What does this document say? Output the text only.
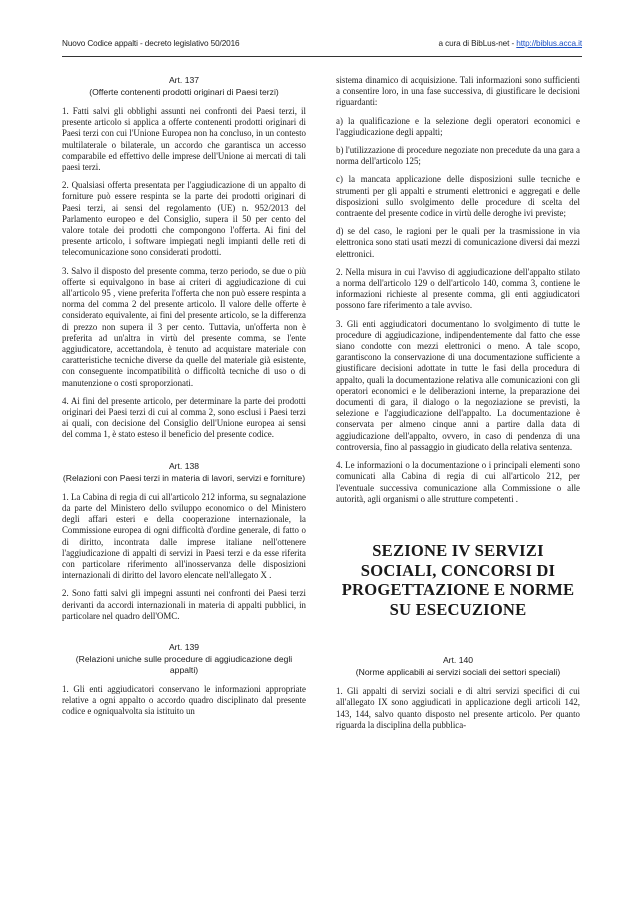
Nuovo Codice appalti - decreto legislativo 50/2016	a cura di BibLus-net - http://biblus.acca.it

Art. 137

(Offerte contenenti prodotti originari di Paesi terzi)

1. Fatti salvi gli obblighi assunti nei confronti dei Paesi terzi, il presente articolo si applica a offerte contenenti prodotti originari di Paesi terzi con cui l'Unione Europea non ha concluso, in un contesto multilaterale o bilaterale, un accordo che garantisca un accesso comparabile ed effettivo delle imprese dell'Unione ai mercati di tali paesi terzi.

2. Qualsiasi offerta presentata per l'aggiudicazione di un appalto di forniture può essere respinta se la parte dei prodotti originari di Paesi terzi, ai sensi del regolamento (UE) n. 952/2013 del Parlamento europeo e del Consiglio, supera il 50 per cento del valore totale dei prodotti che compongono l'offerta. Ai fini del presente articolo, i software impiegati negli impianti delle reti di telecomunicazione sono considerati prodotti.

3. Salvo il disposto del presente comma, terzo periodo, se due o più offerte si equivalgono in base ai criteri di aggiudicazione di cui all'articolo 95 , viene preferita l'offerta che non può essere respinta a norma del comma 2 del presente articolo. Il valore delle offerte è considerato equivalente, ai fini del presente articolo, se la differenza di prezzo non supera il 3 per cento. Tuttavia, un'offerta non è preferita ad un'altra in virtù del presente comma, se l'ente aggiudicatore, accettandola, è tenuto ad acquistare materiale con caratteristiche tecniche diverse da quelle del materiale già esistente, con conseguente incompatibilità o difficoltà tecniche di uso o di manutenzione o costi sproporzionati.

4. Ai fini del presente articolo, per determinare la parte dei prodotti originari dei Paesi terzi di cui al comma 2, sono esclusi i Paesi terzi ai quali, con decisione del Consiglio dell'Unione europea ai sensi del comma 1, è stato esteso il beneficio del presente codice.

Art. 138

(Relazioni con Paesi terzi in materia di lavori, servizi e forniture)

1. La Cabina di regia di cui all'articolo 212 informa, su segnalazione da parte del Ministero dello sviluppo economico o del Ministero degli affari esteri e della cooperazione internazionale, la Commissione europea di ogni difficoltà d'ordine generale, di fatto o di diritto, incontrata dalle imprese italiane nell'ottenere l'aggiudicazione di appalti di servizi in Paesi terzi e da esse riferita con particolare riferimento all'inosservanza delle disposizioni internazionali di diritto del lavoro elencate nell'allegato X .

2. Sono fatti salvi gli impegni assunti nei confronti dei Paesi terzi derivanti da accordi internazionali in materia di appalti pubblici, in particolare nel quadro dell'OMC.

Art. 139

(Relazioni uniche sulle procedure di aggiudicazione degli appalti)

1. Gli enti aggiudicatori conservano le informazioni appropriate relative a ogni appalto o accordo quadro disciplinato dal presente codice e ogniqualvolta sia istituito un

sistema dinamico di acquisizione. Tali informazioni sono sufficienti a consentire loro, in una fase successiva, di giustificare le decisioni riguardanti:

a) la qualificazione e la selezione degli operatori economici e l'aggiudicazione degli appalti;

b) l'utilizzazione di procedure negoziate non precedute da una gara a norma dell'articolo 125;

c) la mancata applicazione delle disposizioni sulle tecniche e strumenti per gli appalti e strumenti elettronici e aggregati e delle disposizioni sullo svolgimento delle procedure di scelta del contraente del presente codice in virtù delle deroghe ivi previste;

d) se del caso, le ragioni per le quali per la trasmissione in via elettronica sono stati usati mezzi di comunicazione diversi dai mezzi elettronici.

2. Nella misura in cui l'avviso di aggiudicazione dell'appalto stilato a norma dell'articolo 129 o dell'articolo 140, comma 3, contiene le informazioni richieste al presente comma, gli enti aggiudicatori possono fare riferimento a tale avviso.

3. Gli enti aggiudicatori documentano lo svolgimento di tutte le procedure di aggiudicazione, indipendentemente dal fatto che esse siano condotte con mezzi elettronici o meno. A tale scopo, garantiscono la conservazione di una documentazione sufficiente a giustificare decisioni adottate in tutte le fasi della procedura di appalto, quali la documentazione relativa alle comunicazioni con gli operatori economici e le deliberazioni interne, la preparazione dei documenti di gara, il dialogo o la negoziazione se previsti, la selezione e l'aggiudicazione dell'appalto. La documentazione è conservata per almeno cinque anni a partire dalla data di aggiudicazione dell'appalto, ovvero, in caso di pendenza di una controversia, fino al passaggio in giudicato della relativa sentenza.

4. Le informazioni o la documentazione o i principali elementi sono comunicati alla Cabina di regia di cui all'articolo 212, per l'eventuale successiva comunicazione alla Commissione o alle autorità, agli organismi o alle strutture competenti .

SEZIONE IV SERVIZI SOCIALI, CONCORSI DI PROGETTAZIONE E NORME SU ESECUZIONE

Art. 140

(Norme applicabili ai servizi sociali dei settori speciali)

1. Gli appalti di servizi sociali e di altri servizi specifici di cui all'allegato IX sono aggiudicati in applicazione degli articoli 142, 143, 144, salvo quanto disposto nel presente articolo. Per quanto riguarda la disciplina della pubblica-
